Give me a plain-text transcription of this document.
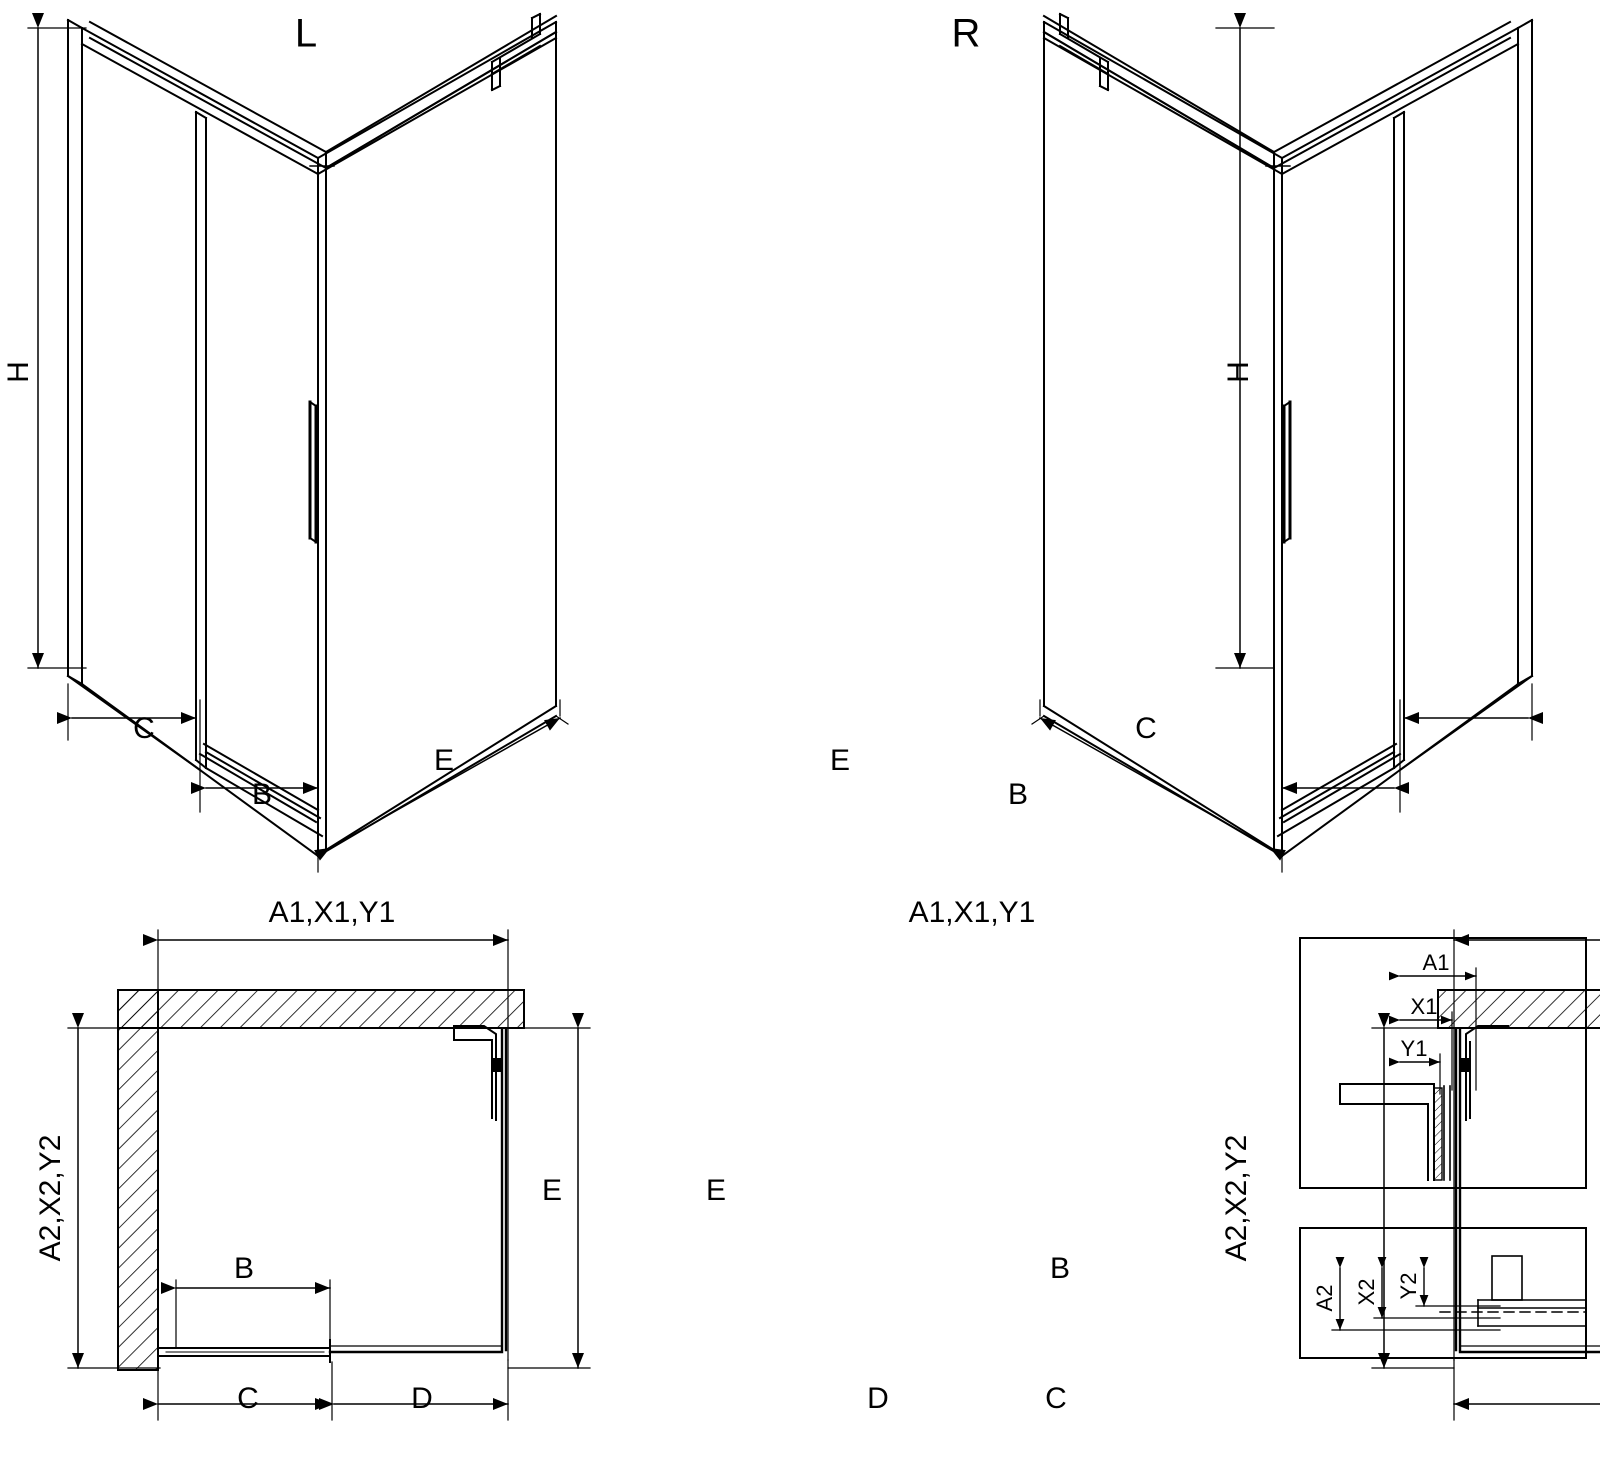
L	R
H	H
C
B
E
C
B
E
A1,X1,Y1
A2,X2,Y2	E
B
C	D
A1,X1,Y1
A2,X2,Y2
E
B
C
D
A1
X1
Y1
A2 X2 Y2
